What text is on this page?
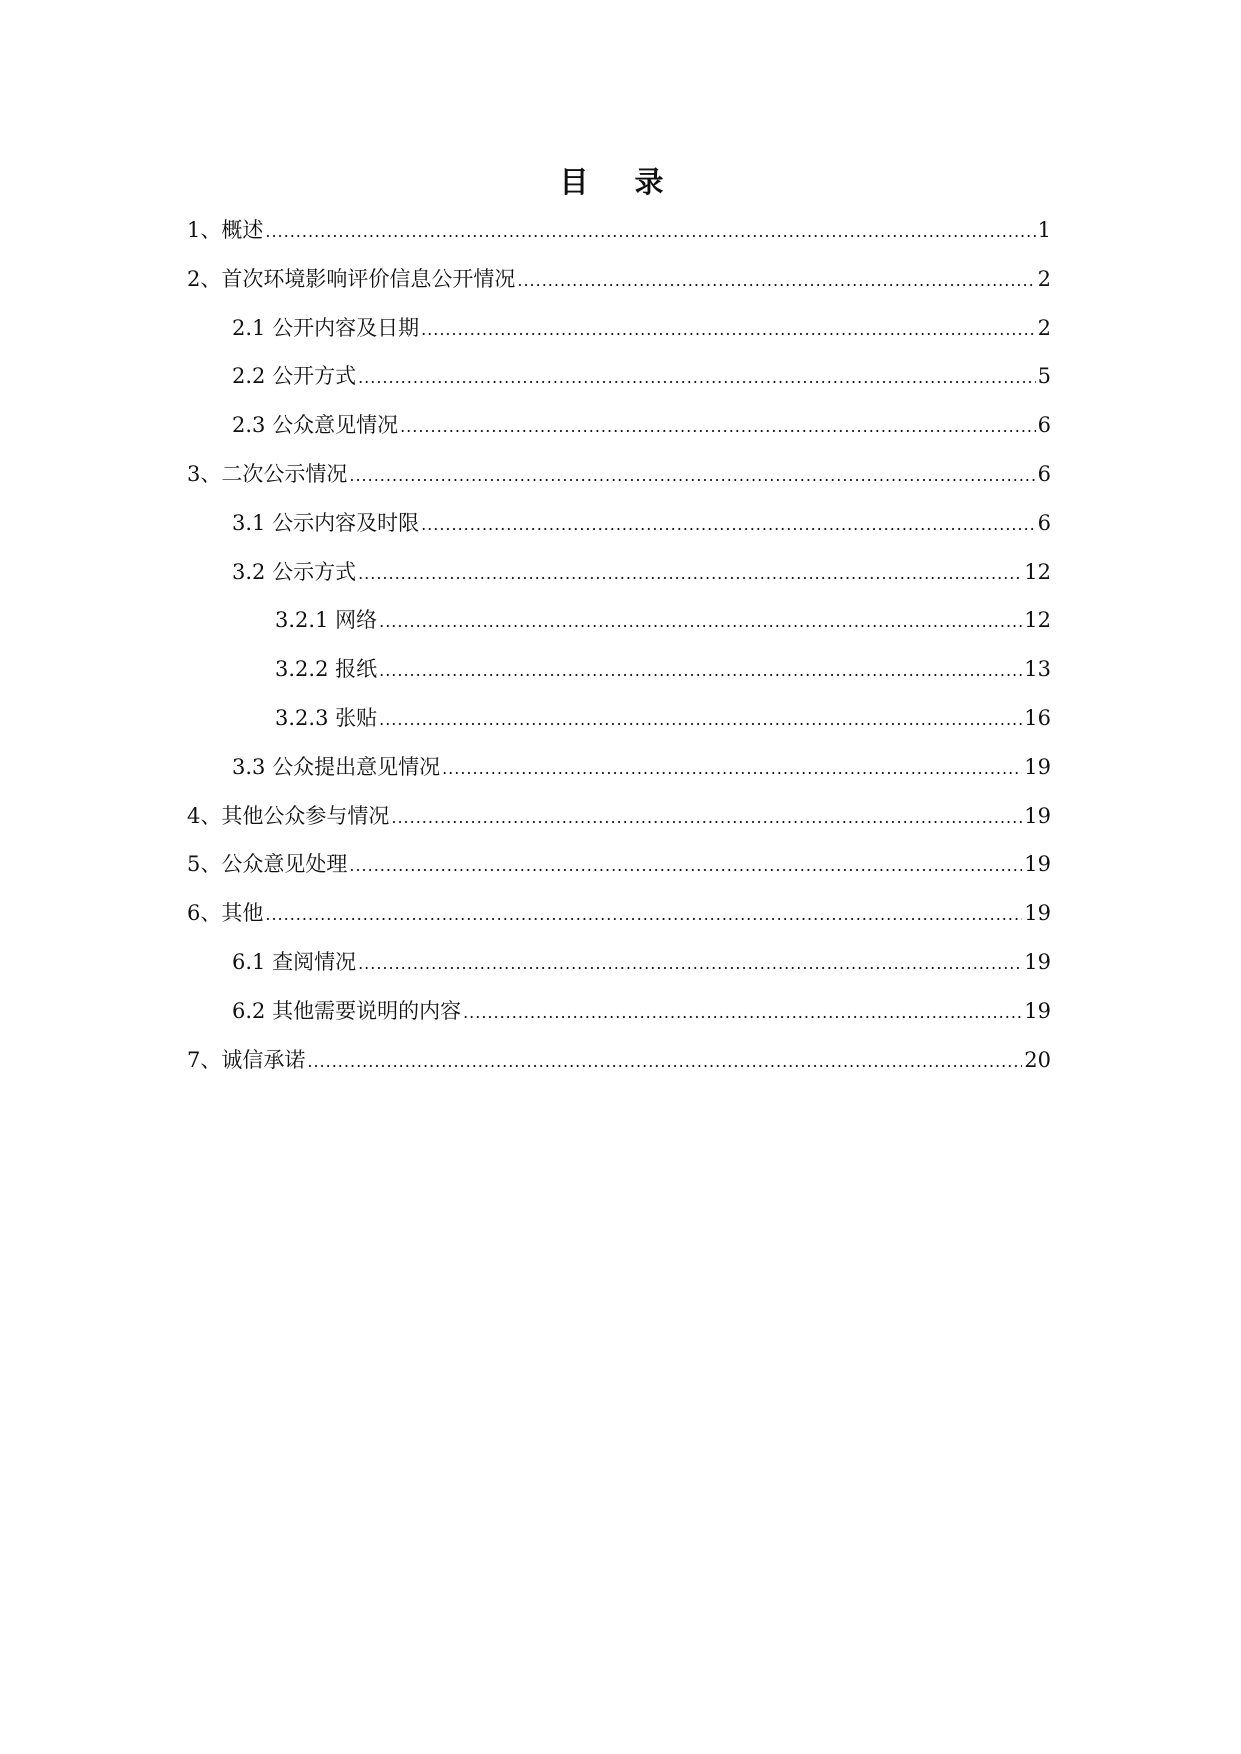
目 录
1、概述 .....	1
2、首次环境影响评价信息公开情况 .....	2
2.1 公开内容及日期 .....	2
2.2 公开方式 .....	5
2.3 公众意见情况 .....	6
3、二次公示情况 .....	6
3.1 公示内容及时限 .....	6
3.2 公示方式 .....	12
3.2.1 网络 .....	12
3.2.2 报纸 .....	13
3.2.3 张贴 .....	16
3.3 公众提出意见情况 .....	19
4、其他公众参与情况 .....	19
5、公众意见处理 .....	19
6、其他 .....	19
6.1 查阅情况 .....	19
6.2 其他需要说明的内容 .....	19
7、诚信承诺 .....	20
